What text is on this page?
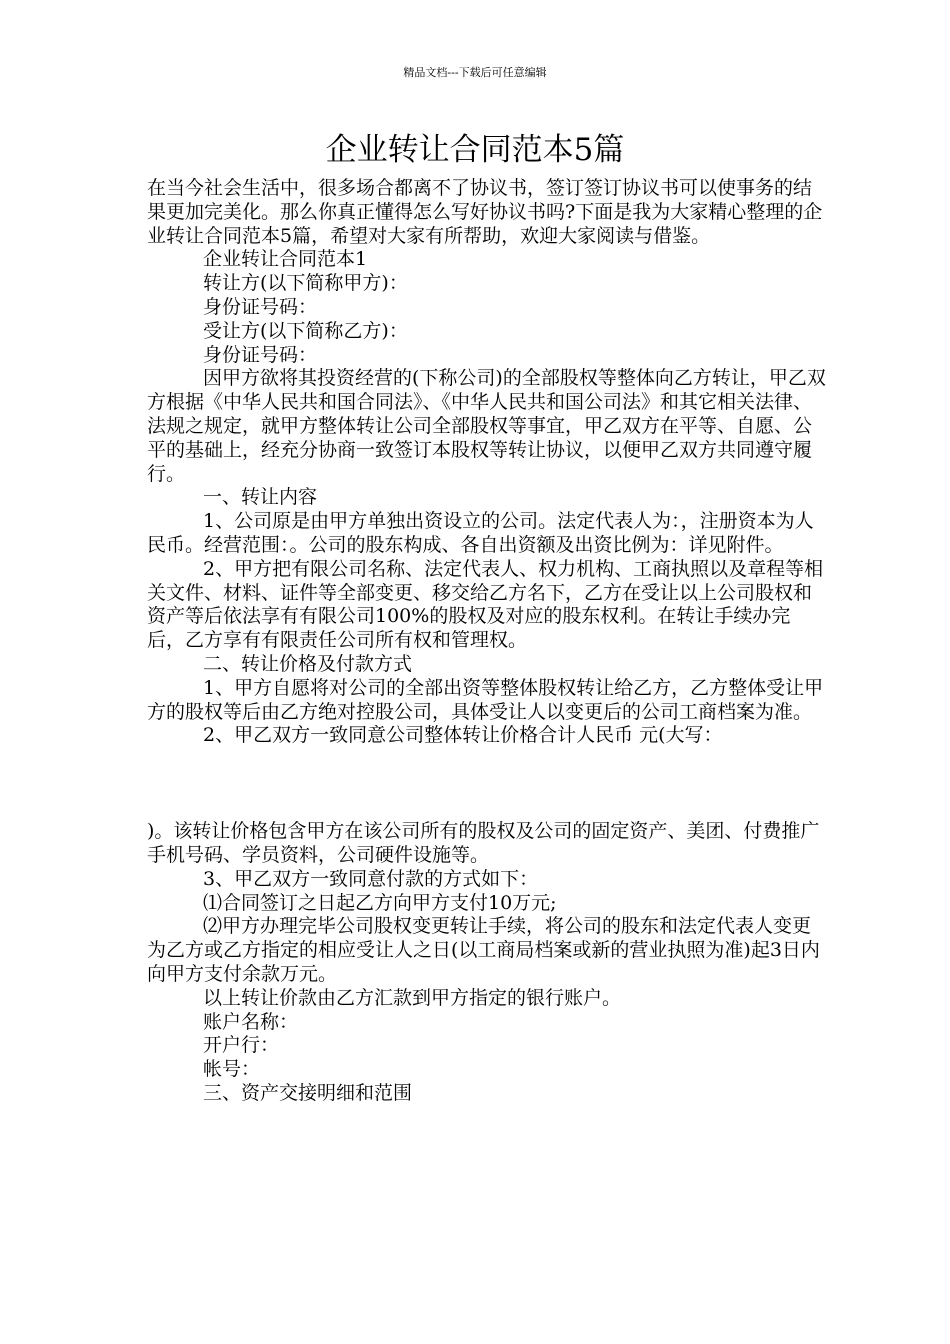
精品文档---下载后可任意编辑
企业转让合同范本5篇

在当今社会生活中，很多场合都离不了协议书，签订签订协议书可以使事务的结果更加完美化。那么你真正懂得怎么写好协议书吗?下面是我为大家精心整理的企业转让合同范本5篇，希望对大家有所帮助，欢迎大家阅读与借鉴。

企业转让合同范本1

转让方(以下简称甲方)：

身份证号码：

受让方(以下简称乙方)：

身份证号码：

因甲方欲将其投资经营的(下称公司)的全部股权等整体向乙方转让，甲乙双方根据《中华人民共和国合同法》、《中华人民共和国公司法》和其它相关法律、法规之规定，就甲方整体转让公司全部股权等事宜，甲乙双方在平等、自愿、公平的基础上，经充分协商一致签订本股权等转让协议，以便甲乙双方共同遵守履行。

一、转让内容

1、公司原是由甲方单独出资设立的公司。法定代表人为：，注册资本为人民币。经营范围：。公司的股东构成、各自出资额及出资比例为：详见附件。

2、甲方把有限公司名称、法定代表人、权力机构、工商执照以及章程等相关文件、材料、证件等全部变更、移交给乙方名下，乙方在受让以上公司股权和资产等后依法享有有限公司100%的股权及对应的股东权利。在转让手续办完后，乙方享有有限责任公司所有权和管理权。

二、转让价格及付款方式

1、甲方自愿将对公司的全部出资等整体股权转让给乙方，乙方整体受让甲方的股权等后由乙方绝对控股公司，具体受让人以变更后的公司工商档案为准。

2、甲乙双方一致同意公司整体转让价格合计人民币 元(大写：

)。该转让价格包含甲方在该公司所有的股权及公司的固定资产、美团、付费推广手机号码、学员资料，公司硬件设施等。

3、甲乙双方一致同意付款的方式如下：

⑴合同签订之日起乙方向甲方支付10万元;

⑵甲方办理完毕公司股权变更转让手续，将公司的股东和法定代表人变更为乙方或乙方指定的相应受让人之日(以工商局档案或新的营业执照为准)起3日内向甲方支付余款万元。

以上转让价款由乙方汇款到甲方指定的银行账户。

账户名称：

开户行：

帐号：

三、资产交接明细和范围
